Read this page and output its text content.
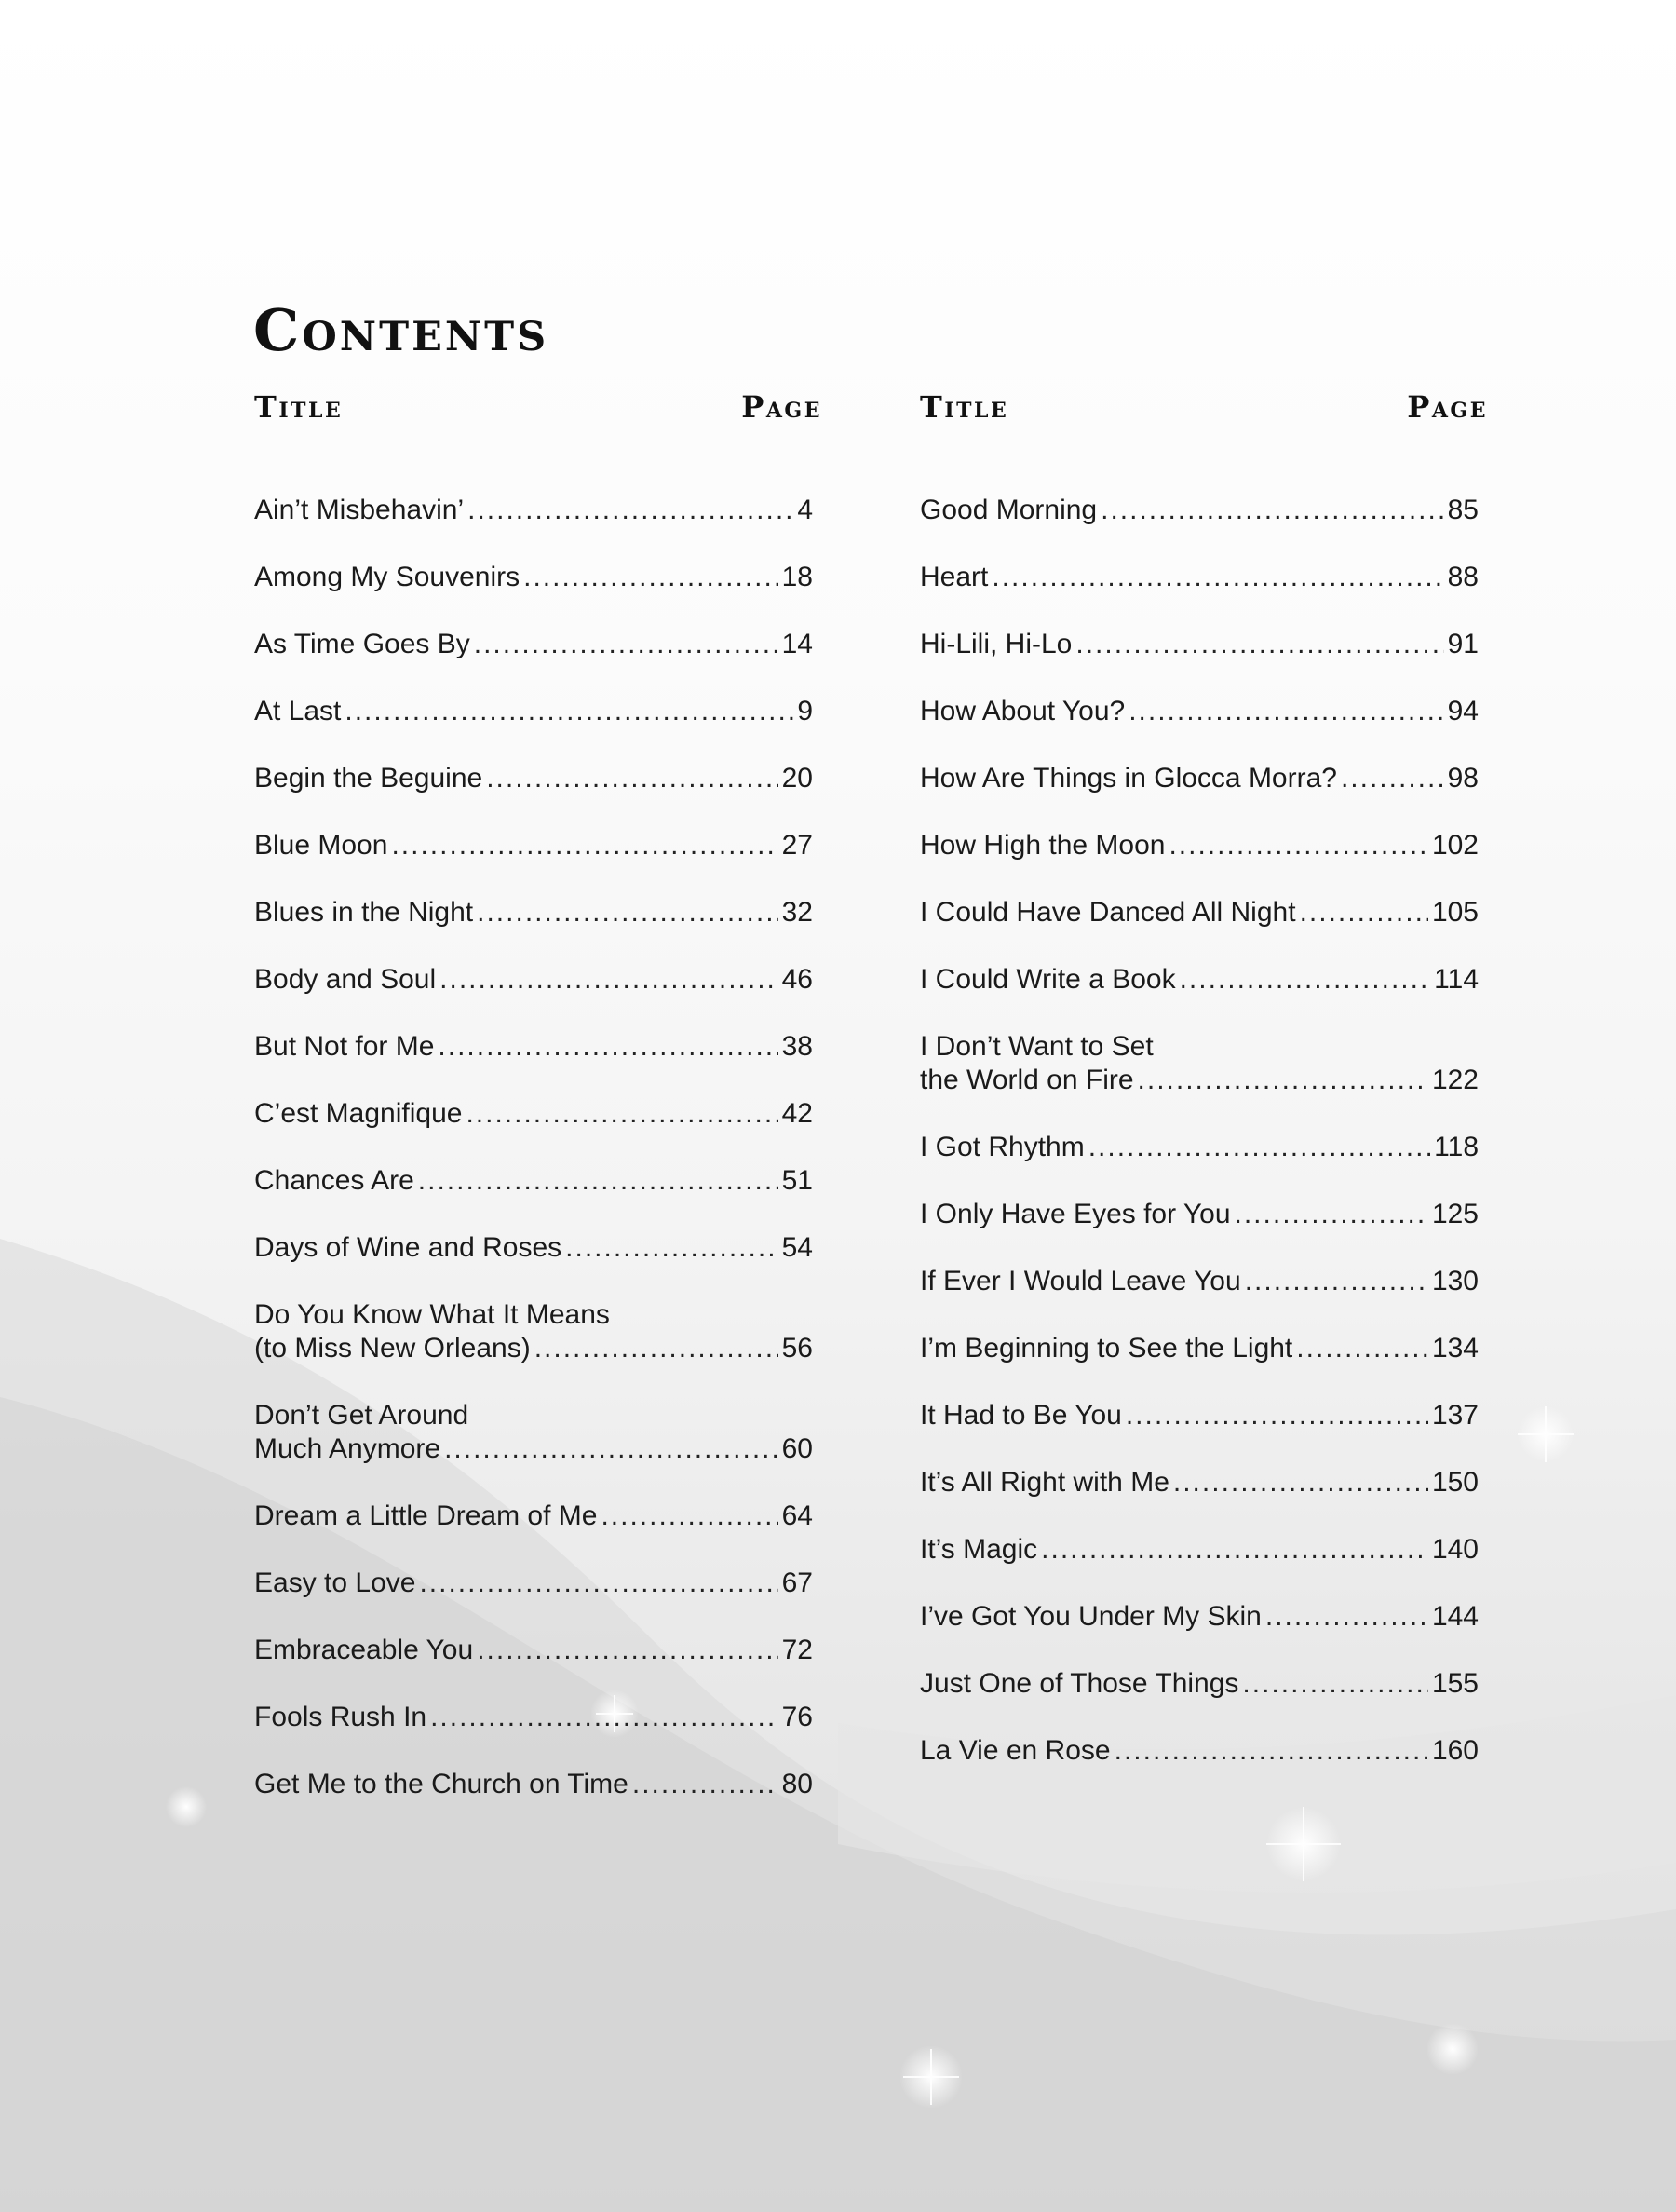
Contents
Title	Page
Ain’t Misbehavin’ .....	4
Among My Souvenirs .....	18
As Time Goes By .....	14
At Last .....	9
Begin the Beguine .....	20
Blue Moon .....	27
Blues in the Night .....	32
Body and Soul .....	46
But Not for Me .....	38
C’est Magnifique .....	42
Chances Are .....	51
Days of Wine and Roses .....	54
Do You Know What It Means
(to Miss New Orleans) .....	56
Don’t Get Around
Much Anymore .....	60
Dream a Little Dream of Me .....	64
Easy to Love .....	67
Embraceable You .....	72
Fools Rush In .....	76
Get Me to the Church on Time .....	80
Title	Page
Good Morning .....	85
Heart .....	88
Hi-Lili, Hi-Lo .....	91
How About You? .....	94
How Are Things in Glocca Morra? .....	98
How High the Moon .....	102
I Could Have Danced All Night .....	105
I Could Write a Book .....	114
I Don’t Want to Set
the World on Fire .....	122
I Got Rhythm .....	118
I Only Have Eyes for You .....	125
If Ever I Would Leave You .....	130
I’m Beginning to See the Light .....	134
It Had to Be You .....	137
It’s All Right with Me .....	150
It’s Magic .....	140
I’ve Got You Under My Skin .....	144
Just One of Those Things .....	155
La Vie en Rose .....	160
